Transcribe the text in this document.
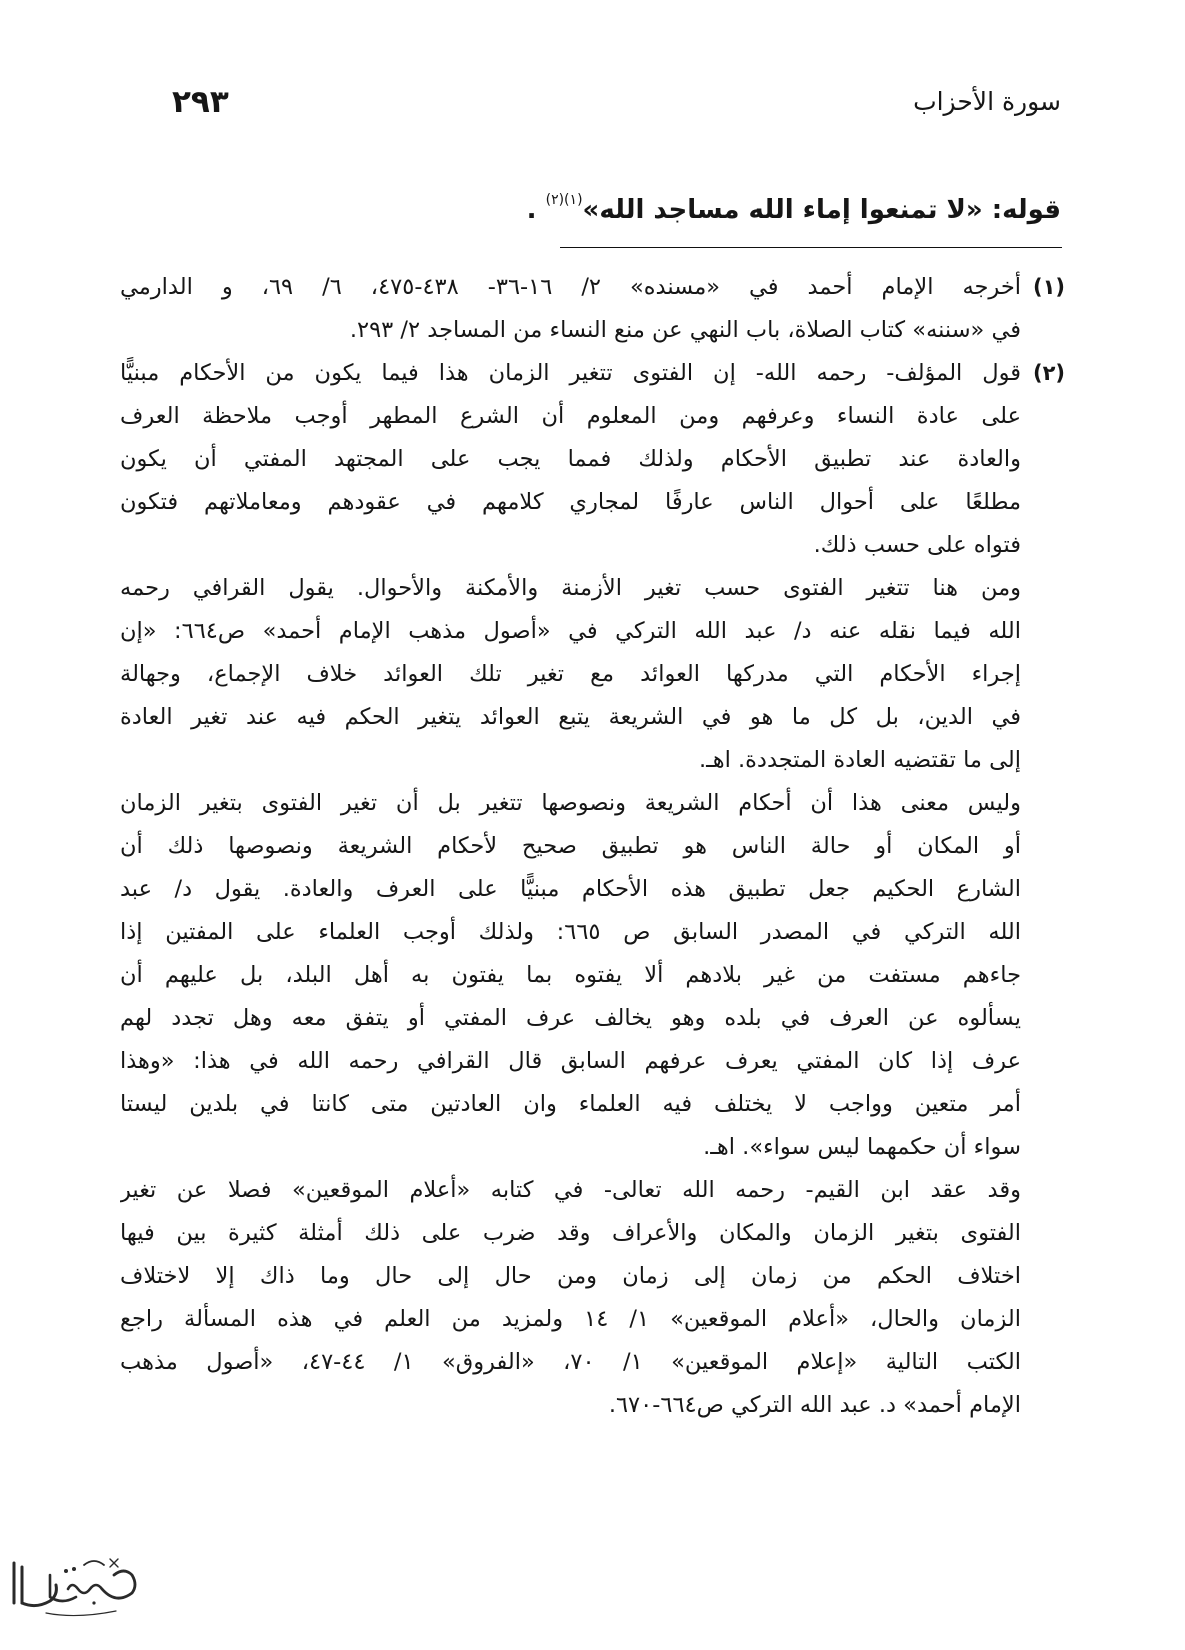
٢٩٣	سورة الأحزاب
قوله: «لا تمنعوا إماء الله مساجد الله»$^{(١)(٢)}$ .
(١)
أخرجه الإمام أحمد في «مسنده» ٢/ ١٦-٣٦- ٤٣٨-٤٧٥، ٦/ ٦٩، و الدارمي
في «سننه» كتاب الصلاة، باب النهي عن منع النساء من المساجد ٢/ ٢٩٣.
(٢)
قول المؤلف- رحمه الله- إن الفتوى تتغير الزمان هذا فيما يكون من الأحكام مبنيًّا
على عادة النساء وعرفهم ومن المعلوم أن الشرع المطهر أوجب ملاحظة العرف
والعادة عند تطبيق الأحكام ولذلك فمما يجب على المجتهد المفتي أن يكون
مطلعًا على أحوال الناس عارفًا لمجاري كلامهم في عقودهم ومعاملاتهم فتكون
فتواه على حسب ذلك.
ومن هنا تتغير الفتوى حسب تغير الأزمنة والأمكنة والأحوال. يقول القرافي رحمه
الله فيما نقله عنه د/ عبد الله التركي في «أصول مذهب الإمام أحمد» ص٦٦٤: «إن
إجراء الأحكام التي مدركها العوائد مع تغير تلك العوائد خلاف الإجماع، وجهالة
في الدين، بل كل ما هو في الشريعة يتبع العوائد يتغير الحكم فيه عند تغير العادة
إلى ما تقتضيه العادة المتجددة. اهـ.
وليس معنى هذا أن أحكام الشريعة ونصوصها تتغير بل أن تغير الفتوى بتغير الزمان
أو المكان أو حالة الناس هو تطبيق صحيح لأحكام الشريعة ونصوصها ذلك أن
الشارع الحكيم جعل تطبيق هذه الأحكام مبنيًّا على العرف والعادة. يقول د/ عبد
الله التركي في المصدر السابق ص ٦٦٥: ولذلك أوجب العلماء على المفتين إذا
جاءهم مستفت من غير بلادهم ألا يفتوه بما يفتون به أهل البلد، بل عليهم أن
يسألوه عن العرف في بلده وهو يخالف عرف المفتي أو يتفق معه وهل تجدد لهم
عرف إذا كان المفتي يعرف عرفهم السابق قال القرافي رحمه الله في هذا: «وهذا
أمر متعين وواجب لا يختلف فيه العلماء وان العادتين متى كانتا في بلدين ليستا
سواء أن حكمهما ليس سواء». اهـ.
وقد عقد ابن القيم- رحمه الله تعالى- في كتابه «أعلام الموقعين» فصلا عن تغير
الفتوى بتغير الزمان والمكان والأعراف وقد ضرب على ذلك أمثلة كثيرة بين فيها
اختلاف الحكم من زمان إلى زمان ومن حال إلى حال وما ذاك إلا لاختلاف
الزمان والحال، «أعلام الموقعين» ١/ ١٤ ولمزيد من العلم في هذه المسألة راجع
الكتب التالية «إعلام الموقعين» ١/ ٧٠، «الفروق» ١/ ٤٤-٤٧، «أصول مذهب
الإمام أحمد» د. عبد الله التركي ص٦٦٤-٦٧٠.
